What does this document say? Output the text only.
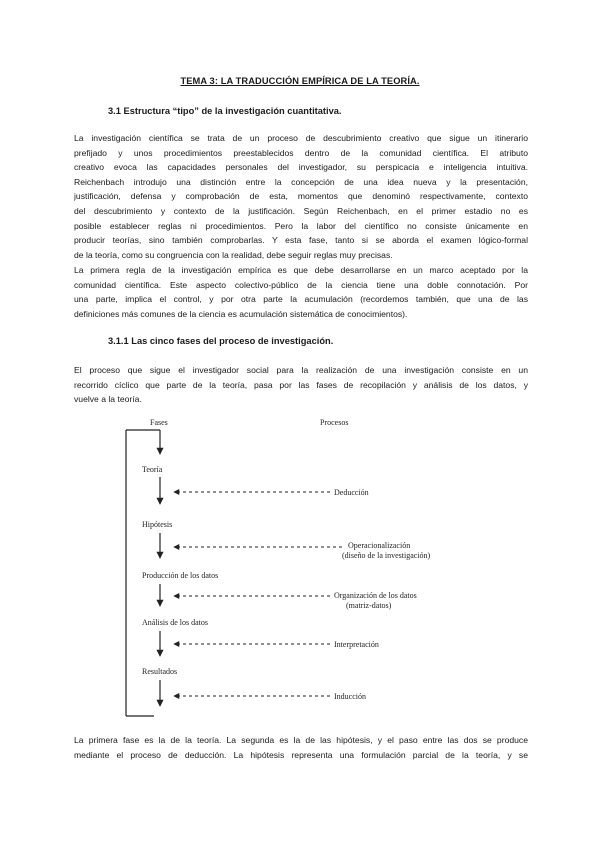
TEMA 3: LA TRADUCCIÓN EMPÍRICA DE LA TEORÍA.
3.1 Estructura “tipo” de la investigación cuantitativa.
La investigación científica se trata de un proceso de descubrimiento creativo que sigue un itinerario
prefijado y unos procedimientos preestablecidos dentro de la comunidad científica. El atributo
creativo evoca las capacidades personales del investigador, su perspicacia e inteligencia intuitiva.
Reichenbach introdujo una distinción entre la concepción de una idea nueva y la presentación,
justificación, defensa y comprobación de esta, momentos que denominó respectivamente, contexto
del descubrimiento y contexto de la justificación. Según Reichenbach, en el primer estadio no es
posible establecer reglas ni procedimientos. Pero la labor del científico no consiste únicamente en
producir teorías, sino también comprobarlas. Y esta fase, tanto si se aborda el examen lógico-formal
de la teoría, como su congruencia con la realidad, debe seguir reglas muy precisas.
La primera regla de la investigación empírica es que debe desarrollarse en un marco aceptado por la
comunidad científica. Este aspecto colectivo-público de la ciencia tiene una doble connotación. Por
una parte, implica el control, y por otra parte la acumulación (recordemos también, que una de las
definiciones más comunes de la ciencia es acumulación sistemática de conocimientos).
3.1.1 Las cinco fases del proceso de investigación.
El proceso que sigue el investigador social para la realización de una investigación consiste en un
recorrido cíclico que parte de la teoría, pasa por las fases de recopilación y análisis de los datos, y
vuelve a la teoría.
Fases	Procesos
Teoría
Hipótesis
Producción de los datos
Análisis de los datos
Resultados
Deducción
Operacionalización
(diseño de la investigación)
Organización de los datos
(matriz-datos)
Interpretación
Inducción
La primera fase es la de la teoría. La segunda es la de las hipótesis, y el paso entre las dos se produce
mediante el proceso de deducción. La hipótesis representa una formulación parcial de la teoría, y se
